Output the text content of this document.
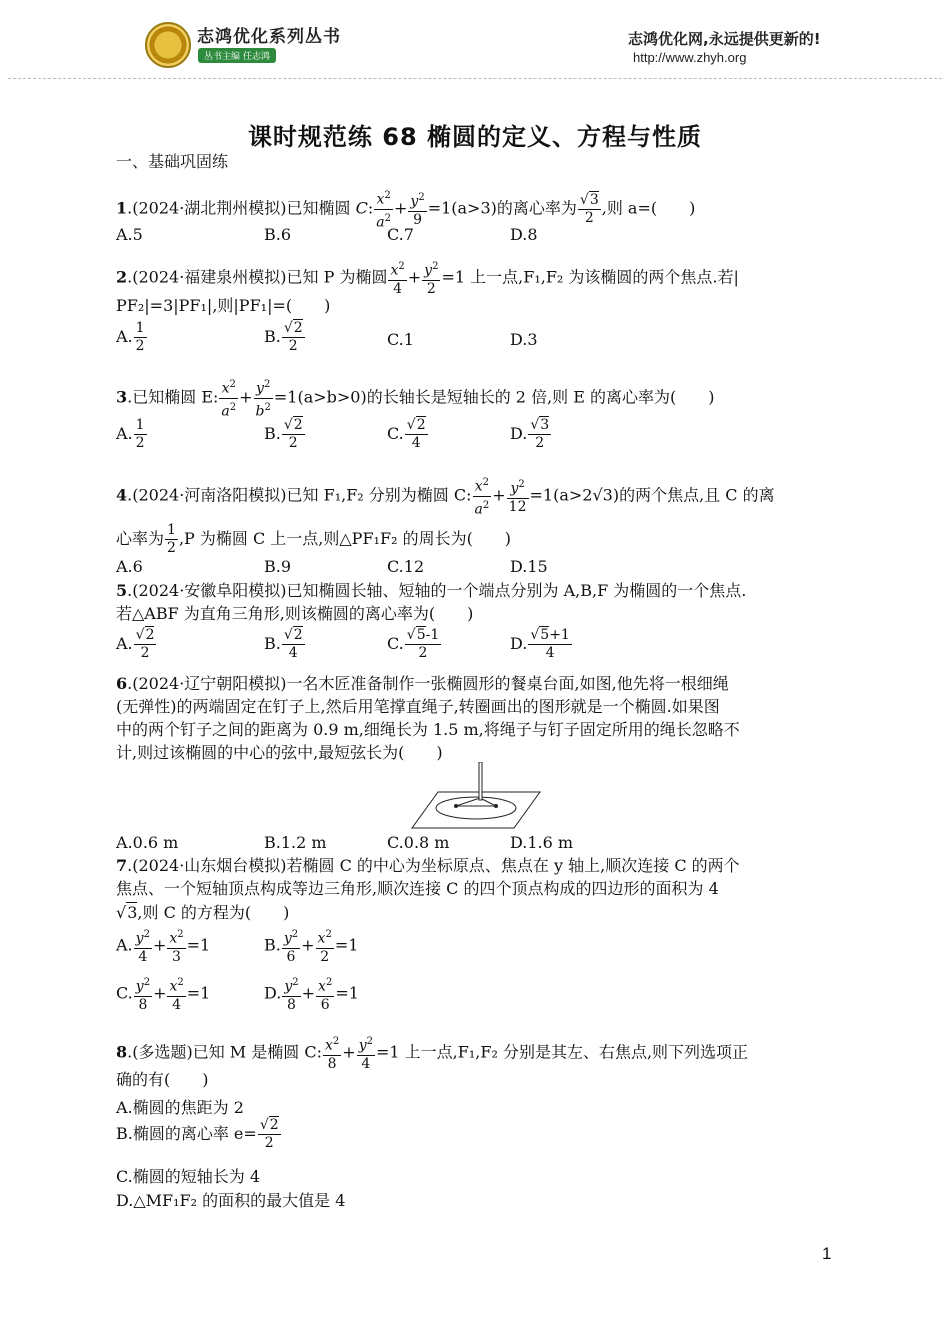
志鸿优化系列丛书
丛书主编 任志鸿
志鸿优化网,永远提供更新的!
http://www.zhyh.org
课时规范练 68 椭圆的定义、方程与性质
一、基础巩固练
1.(2024·湖北荆州模拟)已知椭圆 C: $\frac{x^2}{a^2} + \frac{y^2}{9} =1(a>3)$的离心率为 $\frac{√3}{2}$ ,则 a=(　　)
A.5	B.6	C.7	D.8
2.(2024·福建泉州模拟)已知 P 为椭圆 $\frac{x^2}{4} + \frac{y^2}{2} =1$ 上一点,F₁,F₂ 为该椭圆的两个焦点.若|
PF₂|=3|PF₁|,则|PF₁|=(　　)
A. $\frac{1}{2}$	B. $\frac{√2}{2}$	C.1	D.3
3.已知椭圆 E: $\frac{x^2}{a^2} + \frac{y^2}{b^2} =1(a>b>0)$的长轴长是短轴长的 2 倍,则 E 的离心率为(　　)
A. $\frac{1}{2}$	B. $\frac{√2}{2}$	C. $\frac{√2}{4}$	D. $\frac{√3}{2}$
4.(2024·河南洛阳模拟)已知 F₁,F₂ 分别为椭圆 C: $\frac{x^2}{a^2} + \frac{y^2}{12} =1(a>2√3)$的两个焦点,且 C 的离
心率为 $\frac{1}{2} ,P$ 为椭圆 C 上一点,则△PF₁F₂ 的周长为(　　)
A.6	B.9	C.12	D.15
5.(2024·安徽阜阳模拟)已知椭圆长轴、短轴的一个端点分别为 A,B,F 为椭圆的一个焦点.
若△ABF 为直角三角形,则该椭圆的离心率为(　　)
A. $\frac{√2}{2}$	B. $\frac{√2}{4}$	C. $\frac{√5-1}{2}$	D. $\frac{√5+1}{4}$
6.(2024·辽宁朝阳模拟)一名木匠准备制作一张椭圆形的餐桌台面,如图,他先将一根细绳
(无弹性)的两端固定在钉子上,然后用笔撑直绳子,转圈画出的图形就是一个椭圆.如果图
中的两个钉子之间的距离为 0.9 m,细绳长为 1.5 m,将绳子与钉子固定所用的绳长忽略不
计,则过该椭圆的中心的弦中,最短弦长为(　　)
A.0.6 m	B.1.2 m	C.0.8 m	D.1.6 m
7.(2024·山东烟台模拟)若椭圆 C 的中心为坐标原点、焦点在 y 轴上,顺次连接 C 的两个
焦点、一个短轴顶点构成等边三角形,顺次连接 C 的四个顶点构成的四边形的面积为 4
√3,则 C 的方程为(　　)
A. $\frac{y^2}{4} + \frac{x^2}{3} =1$	B. $\frac{y^2}{6} + \frac{x^2}{2} =1$
C. $\frac{y^2}{8} + \frac{x^2}{4} =1$	D. $\frac{y^2}{8} + \frac{x^2}{6} =1$
8.(多选题)已知 M 是椭圆 C: $\frac{x^2}{8} + \frac{y^2}{4} =1$ 上一点,F₁,F₂ 分别是其左、右焦点,则下列选项正
确的有(　　)
A.椭圆的焦距为 2
B.椭圆的离心率 $e= \frac{√2}{2}$
C.椭圆的短轴长为 4
D.△MF₁F₂ 的面积的最大值是 4
1
